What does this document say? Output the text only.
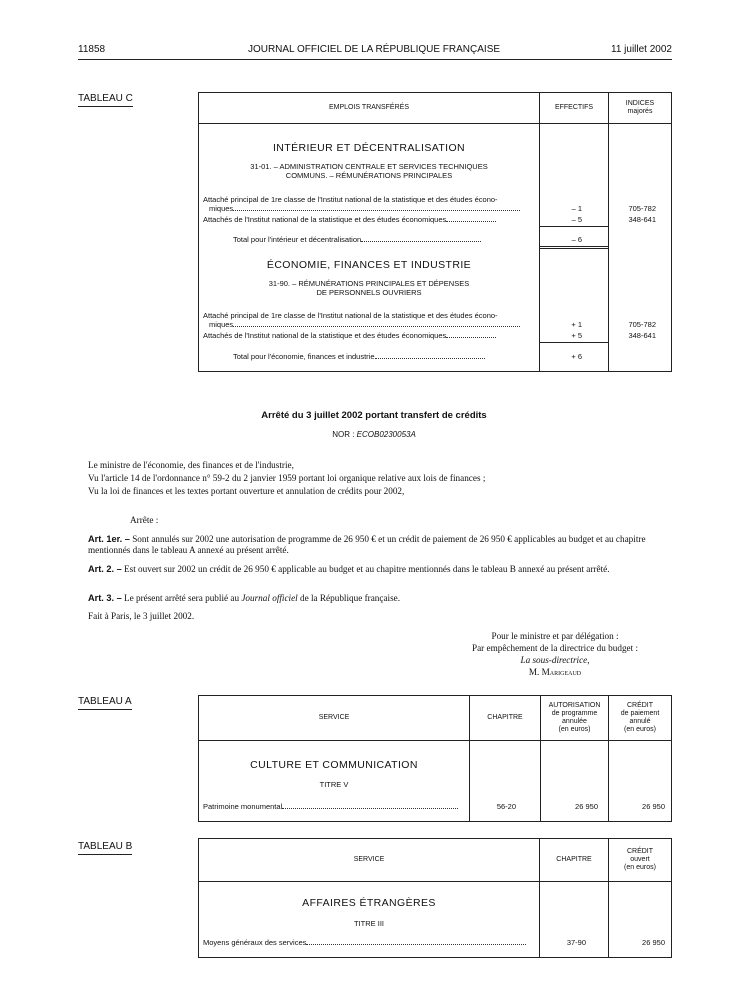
11858	JOURNAL OFFICIEL DE LA RÉPUBLIQUE FRANÇAISE	11 juillet 2002
TABLEAU C
EMPLOIS TRANSFÉRÉS	EFFECTIFS
INDICES
majorés
INTÉRIEUR ET DÉCENTRALISATION
31-01. – ADMINISTRATION CENTRALE ET SERVICES TECHNIQUES
COMMUNS. – RÉMUNÉRATIONS PRINCIPALES
Attaché principal de 1re classe de l'Institut national de la statistique et des études écono-
miques	– 1	705-782
Attachés de l'Institut national de la statistique et des études économiques	– 5	348-641
Total pour l'intérieur et décentralisation	– 6
ÉCONOMIE, FINANCES ET INDUSTRIE
31-90. – RÉMUNÉRATIONS PRINCIPALES ET DÉPENSES
DE PERSONNELS OUVRIERS
Attaché principal de 1re classe de l'Institut national de la statistique et des études écono-
miques	+ 1	705-782
Attachés de l'Institut national de la statistique et des études économiques	+ 5	348-641
Total pour l'économie, finances et industrie	+ 6
Arrêté du 3 juillet 2002 portant transfert de crédits
NOR : ECOB0230053A
Le ministre de l'économie, des finances et de l'industrie,
Vu l'article 14 de l'ordonnance n° 59-2 du 2 janvier 1959 portant loi organique relative aux lois de finances ;
Vu la loi de finances et les textes portant ouverture et annulation de crédits pour 2002,
Arrête :
Art. 1er. – Sont annulés sur 2002 une autorisation de programme de 26 950 € et un crédit de paiement de 26 950 € applicables au budget et au chapitre mentionnés dans le tableau A annexé au présent arrêté.
Art. 2. – Est ouvert sur 2002 un crédit de 26 950 € applicable au budget et au chapitre mentionnés dans le tableau B annexé au présent arrêté.
Art. 3. – Le présent arrêté sera publié au Journal officiel de la République française.
Fait à Paris, le 3 juillet 2002.
Pour le ministre et par délégation :
Par empêchement de la directrice du budget :
La sous-directrice,
M. Marigeaud
TABLEAU A
SERVICE	CHAPITRE
AUTORISATION
de programme
annulée
(en euros)
CRÉDIT
de paiement
annulé
(en euros)
CULTURE ET COMMUNICATION
TITRE V
Patrimoine monumental	56-20	26 950	26 950
TABLEAU B
SERVICE	CHAPITRE
CRÉDIT
ouvert
(en euros)
AFFAIRES ÉTRANGÈRES
TITRE III
Moyens généraux des services	37-90	26 950
